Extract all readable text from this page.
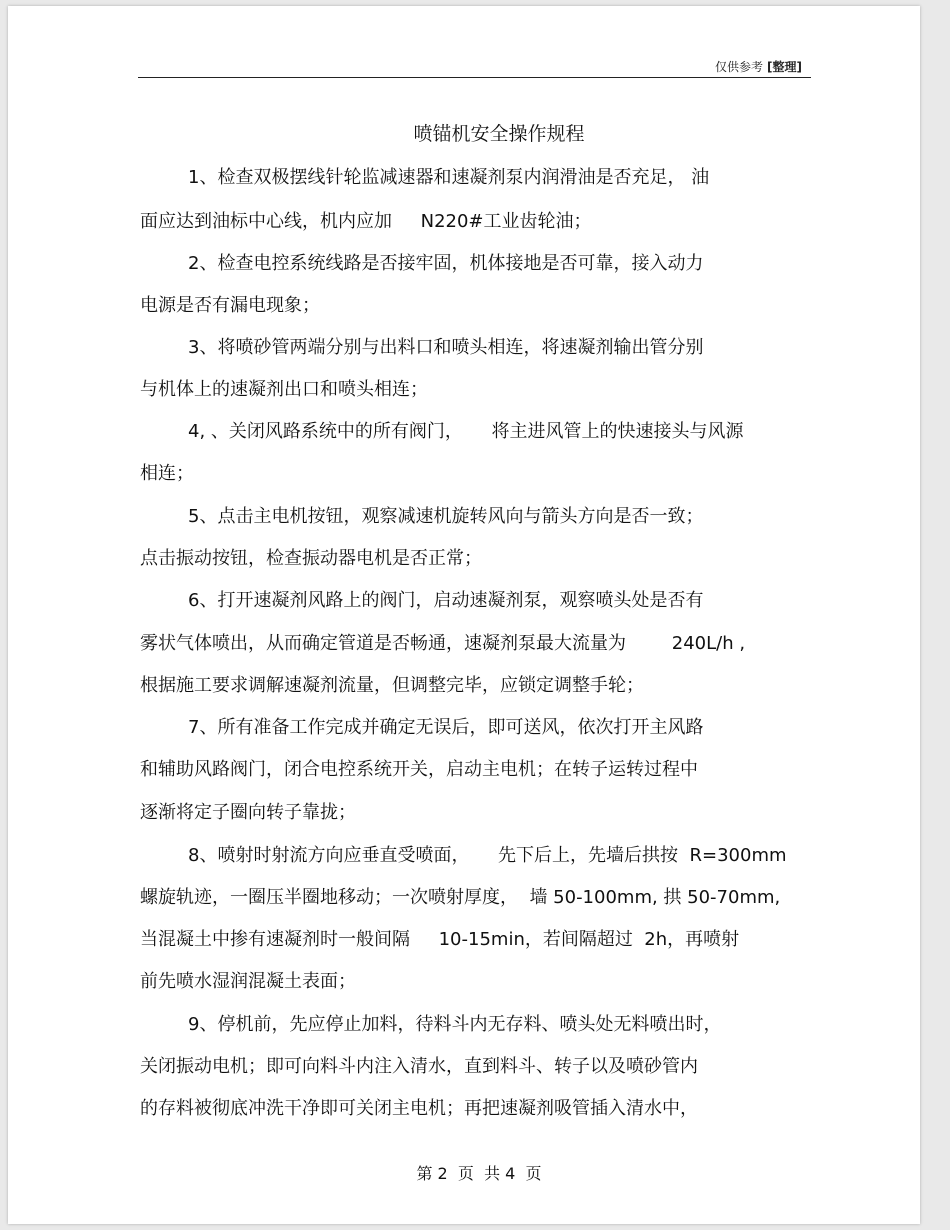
仅供参考 [整理]
喷锚机安全操作规程
1、检查双极摆线针轮监减速器和速凝剂泵内润滑油是否充足， 油
面应达到油标中心线，机内应加     N220#工业齿轮油；
2、检查电控系统线路是否接牢固，机体接地是否可靠，接入动力
电源是否有漏电现象；
3、将喷砂管两端分别与出料口和喷头相连，将速凝剂输出管分别
与机体上的速凝剂出口和喷头相连；
4, 、关闭风路系统中的所有阀门，     将主进风管上的快速接头与风源
相连；
5、点击主电机按钮，观察减速机旋转风向与箭头方向是否一致；
点击振动按钮，检查振动器电机是否正常；
6、打开速凝剂风路上的阀门，启动速凝剂泵，观察喷头处是否有
雾状气体喷出，从而确定管道是否畅通，速凝剂泵最大流量为        240L/h ,
根据施工要求调解速凝剂流量，但调整完毕，应锁定调整手轮；
7、所有准备工作完成并确定无误后，即可送风，依次打开主风路
和辅助风路阀门，闭合电控系统开关，启动主电机；在转子运转过程中
逐渐将定子圈向转子靠拢；
8、喷射时射流方向应垂直受喷面，     先下后上，先墙后拱按  R=300mm
螺旋轨迹，一圈压半圈地移动；一次喷射厚度，  墙 50-100mm, 拱 50-70mm,
当混凝土中掺有速凝剂时一般间隔     10-15min，若间隔超过  2h，再喷射
前先喷水湿润混凝土表面；
9、停机前，先应停止加料，待料斗内无存料、喷头处无料喷出时，
关闭振动电机；即可向料斗内注入清水，直到料斗、转子以及喷砂管内
的存料被彻底冲洗干净即可关闭主电机；再把速凝剂吸管插入清水中，
第 2  页  共 4  页
